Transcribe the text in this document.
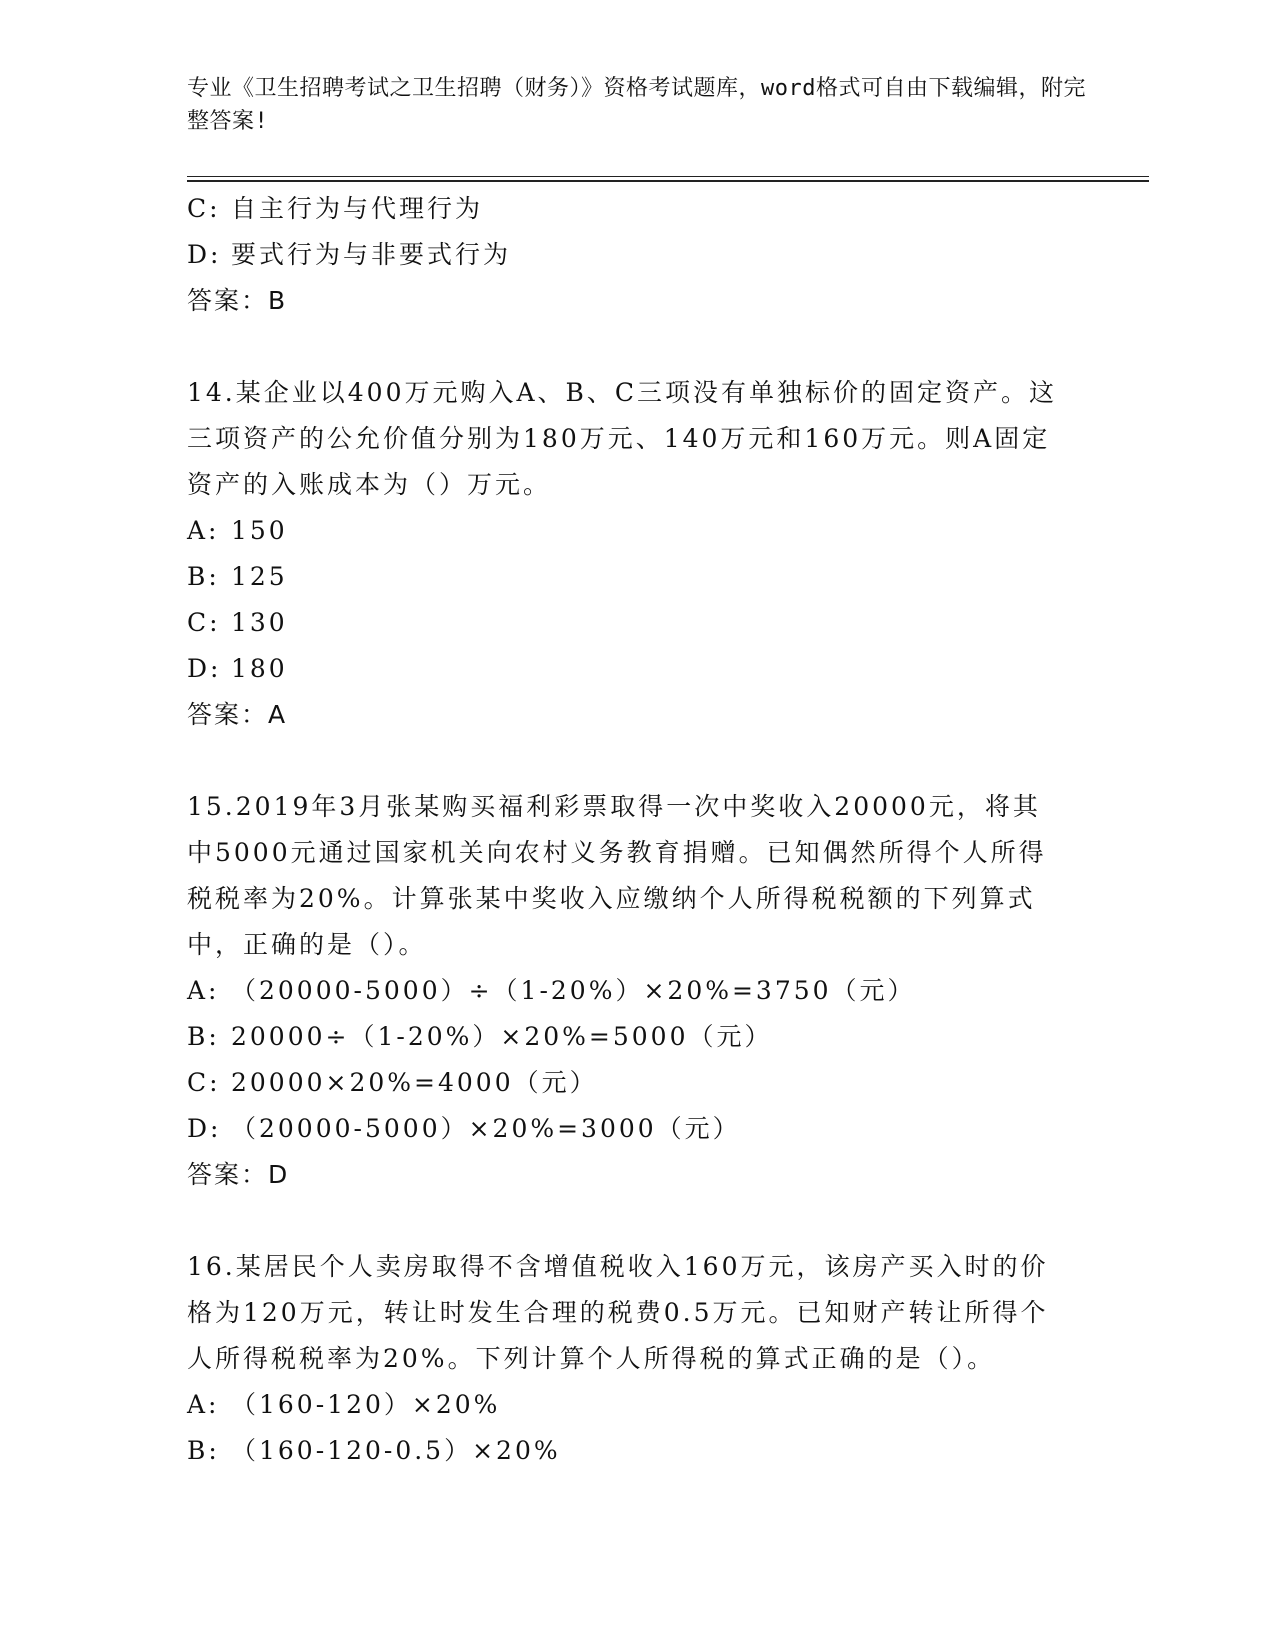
专业《卫生招聘考试之卫生招聘（财务）》资格考试题库，word格式可自由下载编辑，附完整答案!

C: 自主行为与代理行为

D: 要式行为与非要式行为

答案：B

14.某企业以400万元购入A、B、C三项没有单独标价的固定资产。这三项资产的公允价值分别为180万元、140万元和160万元。则A固定资产的入账成本为（）万元。

A: 150

B: 125

C: 130

D: 180

答案：A

15.2019年3月张某购买福利彩票取得一次中奖收入20000元，将其中5000元通过国家机关向农村义务教育捐赠。已知偶然所得个人所得税税率为20%。计算张某中奖收入应缴纳个人所得税税额的下列算式中，正确的是（）。

A: （20000-5000）÷（1-20%）×20%=3750（元）

B: 20000÷（1-20%）×20%=5000（元）

C: 20000×20%=4000（元）

D: （20000-5000）×20%=3000（元）

答案：D

16.某居民个人卖房取得不含增值税收入160万元，该房产买入时的价格为120万元，转让时发生合理的税费0.5万元。已知财产转让所得个人所得税税率为20%。下列计算个人所得税的算式正确的是（）。

A: （160-120）×20%

B: （160-120-0.5）×20%
